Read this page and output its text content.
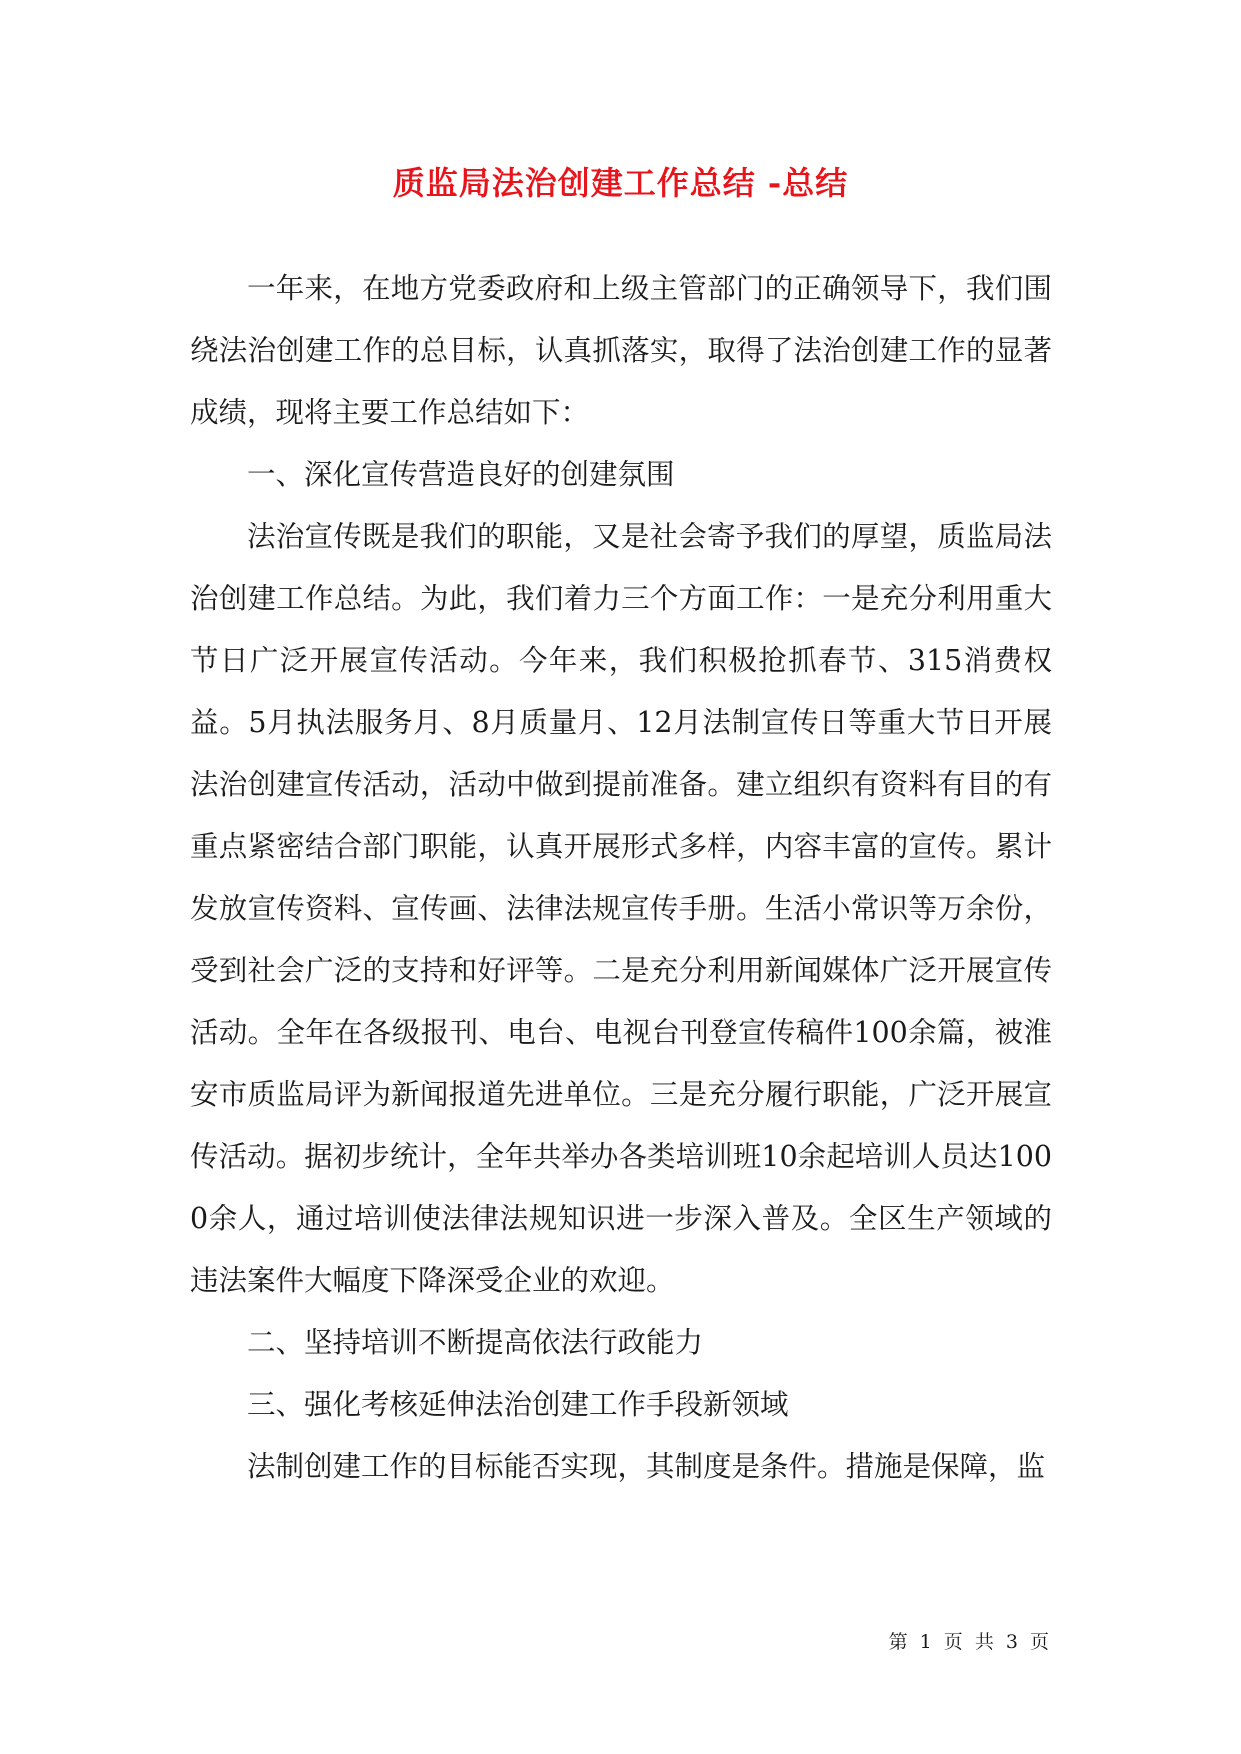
质监局法治创建工作总结 -总结

一年来，在地方党委政府和上级主管部门的正确领导下，我们围绕法治创建工作的总目标，认真抓落实，取得了法治创建工作的显著成绩，现将主要工作总结如下：

一、深化宣传营造良好的创建氛围

法治宣传既是我们的职能，又是社会寄予我们的厚望，质监局法治创建工作总结。为此，我们着力三个方面工作：一是充分利用重大节日广泛开展宣传活动。今年来，我们积极抢抓春节、315消费权益。5月执法服务月、8月质量月、12月法制宣传日等重大节日开展法治创建宣传活动，活动中做到提前准备。建立组织有资料有目的有重点紧密结合部门职能，认真开展形式多样，内容丰富的宣传。累计发放宣传资料、宣传画、法律法规宣传手册。生活小常识等万余份，受到社会广泛的支持和好评等。二是充分利用新闻媒体广泛开展宣传活动。全年在各级报刊、电台、电视台刊登宣传稿件100余篇，被淮安市质监局评为新闻报道先进单位。三是充分履行职能，广泛开展宣传活动。据初步统计，全年共举办各类培训班10余起培训人员达1000余人，通过培训使法律法规知识进一步深入普及。全区生产领域的违法案件大幅度下降深受企业的欢迎。

二、坚持培训不断提高依法行政能力

三、强化考核延伸法治创建工作手段新领域

法制创建工作的目标能否实现，其制度是条件。措施是保障，监

第 1 页 共 3 页
